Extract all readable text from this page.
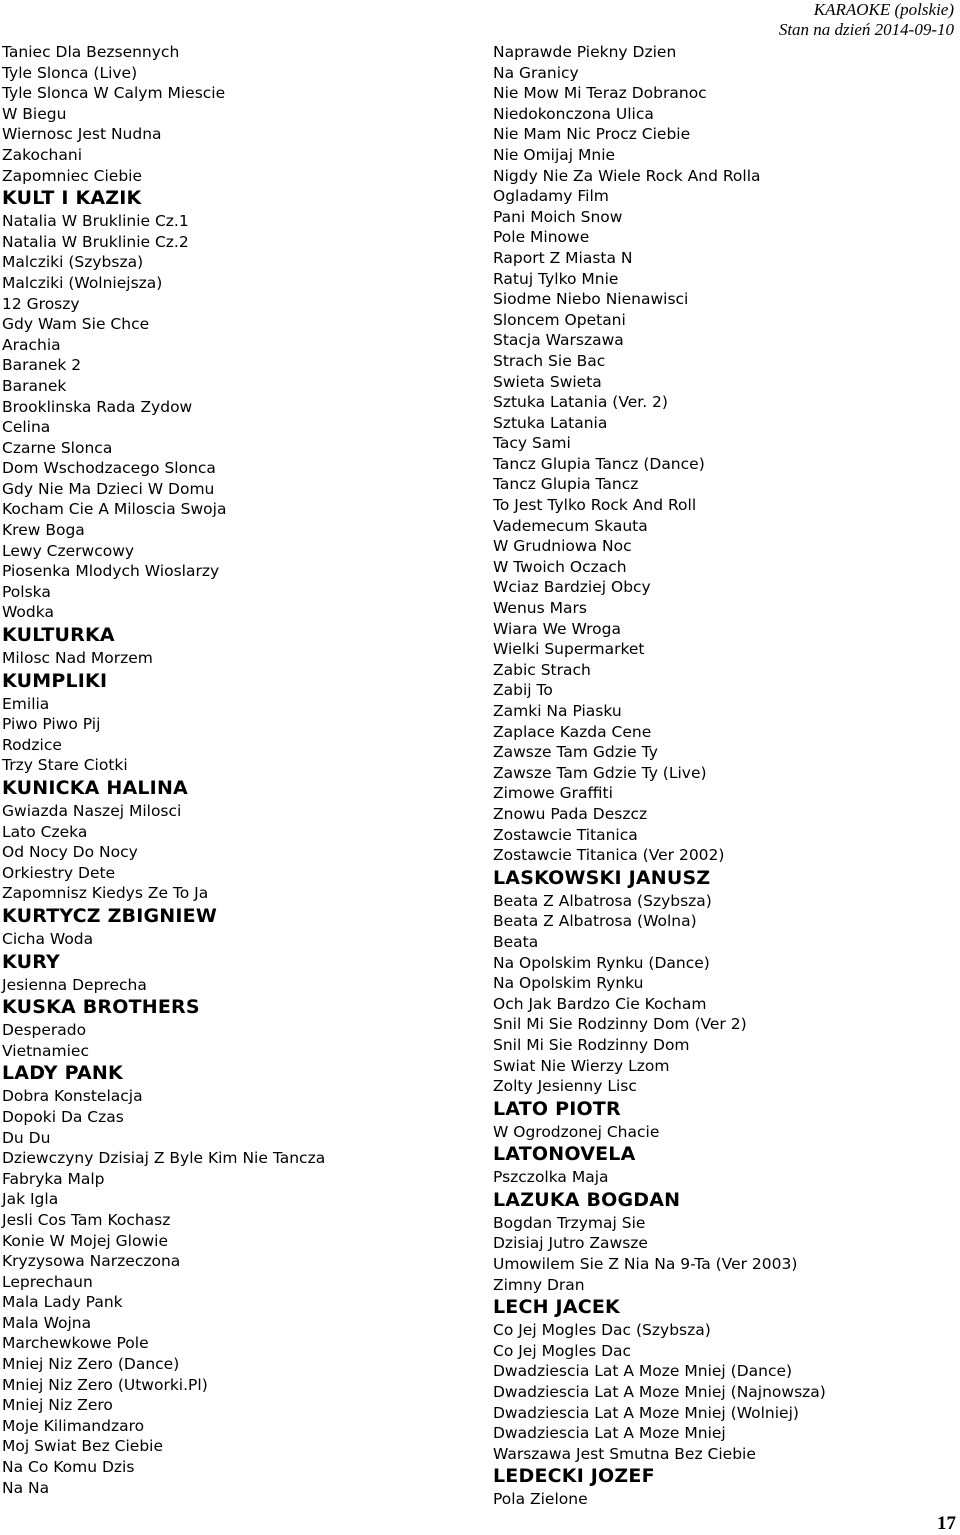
KARAOKE (polskie)
Stan na dzień 2014-09-10
Taniec Dla Bezsennych
Tyle Slonca (Live)
Tyle Slonca W Calym Miescie
W Biegu
Wiernosc Jest Nudna
Zakochani
Zapomniec Ciebie
KULT I KAZIK
Natalia W Bruklinie Cz.1
Natalia W Bruklinie Cz.2
Malcziki (Szybsza)
Malcziki (Wolniejsza)
12 Groszy
Gdy Wam Sie Chce
Arachia
Baranek 2
Baranek
Brooklinska Rada Zydow
Celina
Czarne Slonca
Dom Wschodzacego Slonca
Gdy Nie Ma Dzieci W Domu
Kocham Cie A Miloscia Swoja
Krew Boga
Lewy Czerwcowy
Piosenka Mlodych Wioslarzy
Polska
Wodka
KULTURKA
Milosc Nad Morzem
KUMPLIKI
Emilia
Piwo Piwo Pij
Rodzice
Trzy Stare Ciotki
KUNICKA HALINA
Gwiazda Naszej Milosci
Lato Czeka
Od Nocy Do Nocy
Orkiestry Dete
Zapomnisz Kiedys Ze To Ja
KURTYCZ ZBIGNIEW
Cicha Woda
KURY
Jesienna Deprecha
KUSKA BROTHERS
Desperado
Vietnamiec
LADY PANK
Dobra Konstelacja
Dopoki Da Czas
Du Du
Dziewczyny Dzisiaj Z Byle Kim Nie Tancza
Fabryka Malp
Jak Igla
Jesli Cos Tam Kochasz
Konie W Mojej Glowie
Kryzysowa Narzeczona
Leprechaun
Mala Lady Pank
Mala Wojna
Marchewkowe Pole
Mniej Niz Zero (Dance)
Mniej Niz Zero (Utworki.Pl)
Mniej Niz Zero
Moje Kilimandzaro
Moj Swiat Bez Ciebie
Na Co Komu Dzis
Na Na
Naprawde Piekny Dzien
Na Granicy
Nie Mow Mi Teraz Dobranoc
Niedokonczona Ulica
Nie Mam Nic Procz Ciebie
Nie Omijaj Mnie
Nigdy Nie Za Wiele Rock And Rolla
Ogladamy Film
Pani Moich Snow
Pole Minowe
Raport Z Miasta N
Ratuj Tylko Mnie
Siodme Niebo Nienawisci
Sloncem Opetani
Stacja Warszawa
Strach Sie Bac
Swieta Swieta
Sztuka Latania (Ver. 2)
Sztuka Latania
Tacy Sami
Tancz Glupia Tancz (Dance)
Tancz Glupia Tancz
To Jest Tylko Rock And Roll
Vademecum Skauta
W Grudniowa Noc
W Twoich Oczach
Wciaz Bardziej Obcy
Wenus Mars
Wiara We Wroga
Wielki Supermarket
Zabic Strach
Zabij To
Zamki Na Piasku
Zaplace Kazda Cene
Zawsze Tam Gdzie Ty
Zawsze Tam Gdzie Ty (Live)
Zimowe Graffiti
Znowu Pada Deszcz
Zostawcie Titanica
Zostawcie Titanica (Ver 2002)
LASKOWSKI JANUSZ
Beata Z Albatrosa (Szybsza)
Beata Z Albatrosa (Wolna)
Beata
Na Opolskim Rynku (Dance)
Na Opolskim Rynku
Och Jak Bardzo Cie Kocham
Snil Mi Sie Rodzinny Dom (Ver 2)
Snil Mi Sie Rodzinny Dom
Swiat Nie Wierzy Lzom
Zolty Jesienny Lisc
LATO PIOTR
W Ogrodzonej Chacie
LATONOVELA
Pszczolka Maja
LAZUKA BOGDAN
Bogdan Trzymaj Sie
Dzisiaj Jutro Zawsze
Umowilem Sie Z Nia Na 9-Ta (Ver 2003)
Zimny Dran
LECH JACEK
Co Jej Mogles Dac (Szybsza)
Co Jej Mogles Dac
Dwadziescia Lat A Moze Mniej (Dance)
Dwadziescia Lat A Moze Mniej (Najnowsza)
Dwadziescia Lat A Moze Mniej (Wolniej)
Dwadziescia Lat A Moze Mniej
Warszawa Jest Smutna Bez Ciebie
LEDECKI JOZEF
Pola Zielone
17
